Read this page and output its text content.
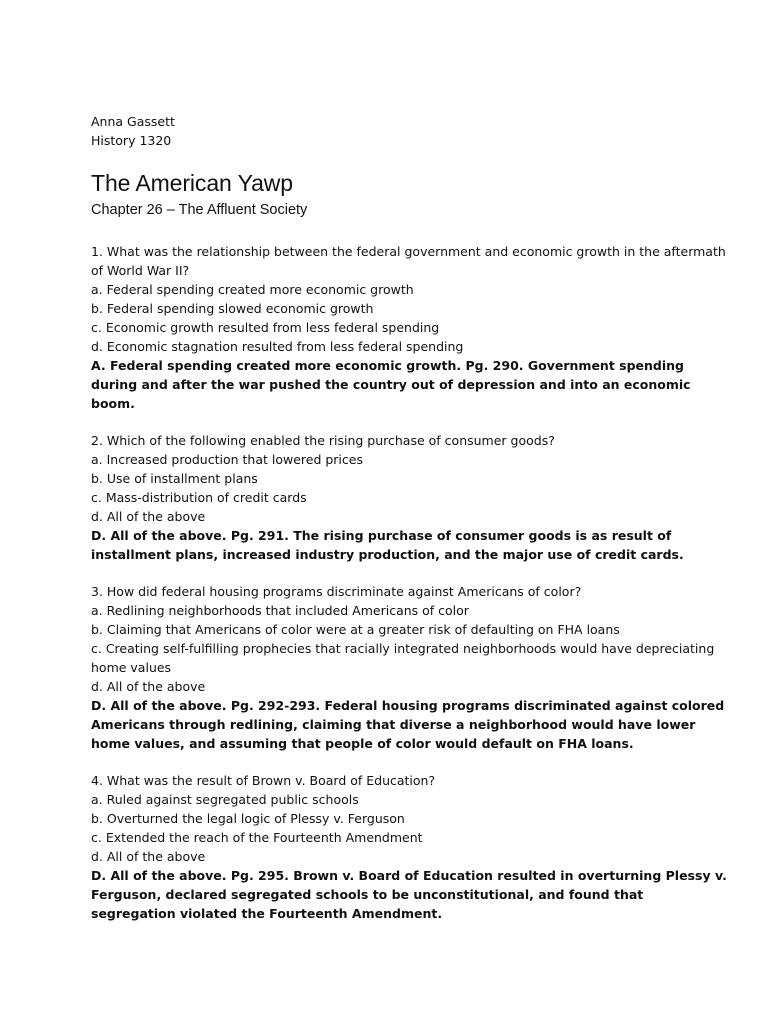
Anna Gassett

History 1320

The American Yawp
Chapter 26 – The Affluent Society

1. What was the relationship between the federal government and economic growth in the aftermath of World War II?

a. Federal spending created more economic growth

b. Federal spending slowed economic growth

c. Economic growth resulted from less federal spending

d. Economic stagnation resulted from less federal spending

A. Federal spending created more economic growth. Pg. 290. Government spending during and after the war pushed the country out of depression and into an economic boom.

2. Which of the following enabled the rising purchase of consumer goods?

a. Increased production that lowered prices

b. Use of installment plans

c. Mass-distribution of credit cards

d. All of the above

D. All of the above. Pg. 291. The rising purchase of consumer goods is as result of installment plans, increased industry production, and the major use of credit cards.

3. How did federal housing programs discriminate against Americans of color?

a. Redlining neighborhoods that included Americans of color

b. Claiming that Americans of color were at a greater risk of defaulting on FHA loans

c. Creating self-fulfilling prophecies that racially integrated neighborhoods would have depreciating home values

d. All of the above

D. All of the above. Pg. 292-293. Federal housing programs discriminated against colored Americans through redlining, claiming that diverse a neighborhood would have lower home values, and assuming that people of color would default on FHA loans.

4. What was the result of Brown v. Board of Education?

a. Ruled against segregated public schools

b. Overturned the legal logic of Plessy v. Ferguson

c. Extended the reach of the Fourteenth Amendment

d. All of the above

D. All of the above. Pg. 295. Brown v. Board of Education resulted in overturning Plessy v. Ferguson, declared segregated schools to be unconstitutional, and found that segregation violated the Fourteenth Amendment.
